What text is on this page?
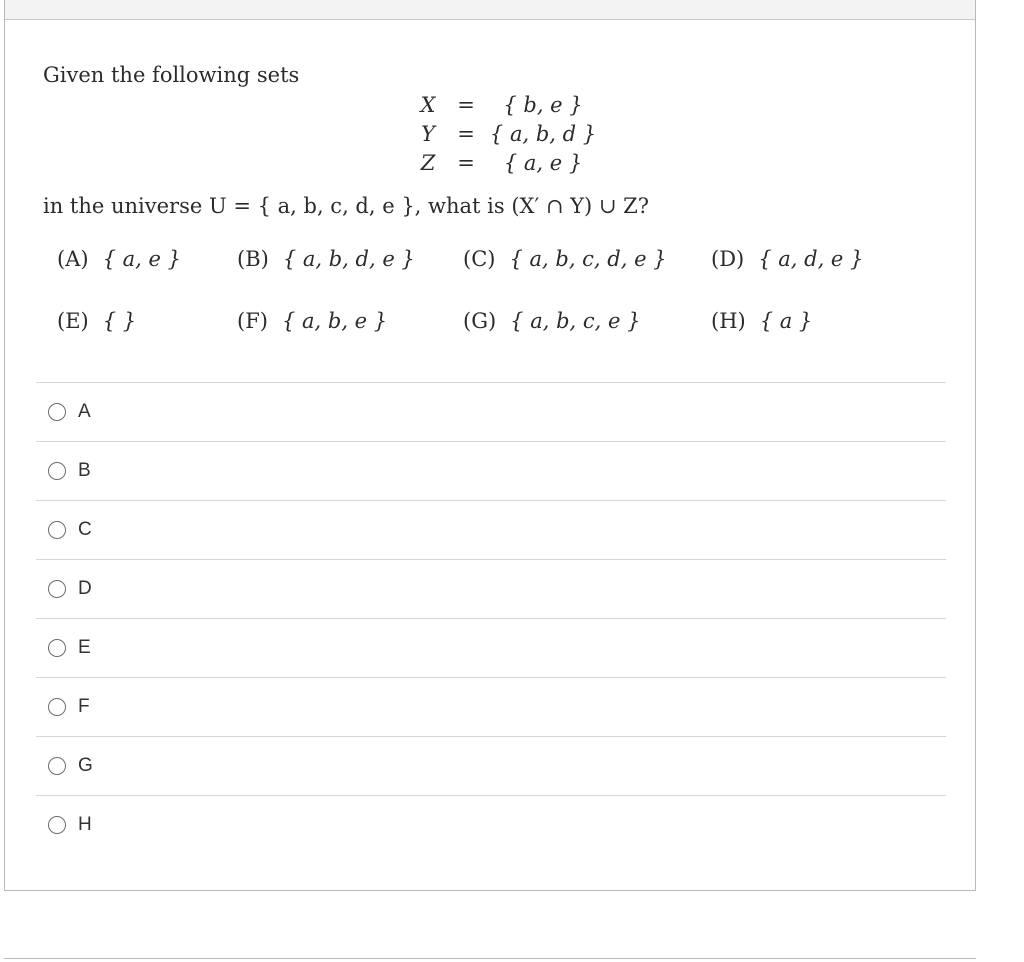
Given the following sets
X	=	{ b, e }
Y	= { a, b, d }
Z	=	{ a, e }
in the universe U = { a, b, c, d, e }, what is (X′ ∩ Y) ∪ Z?
(A) { a, e }	(B) { a, b, d, e } (C) { a, b, c, d, e } (D) { a, d, e }
(E) { }	(F) { a, b, e }	(G) { a, b, c, e }	(H) { a }
A
B
C
D
E
F
G
H
